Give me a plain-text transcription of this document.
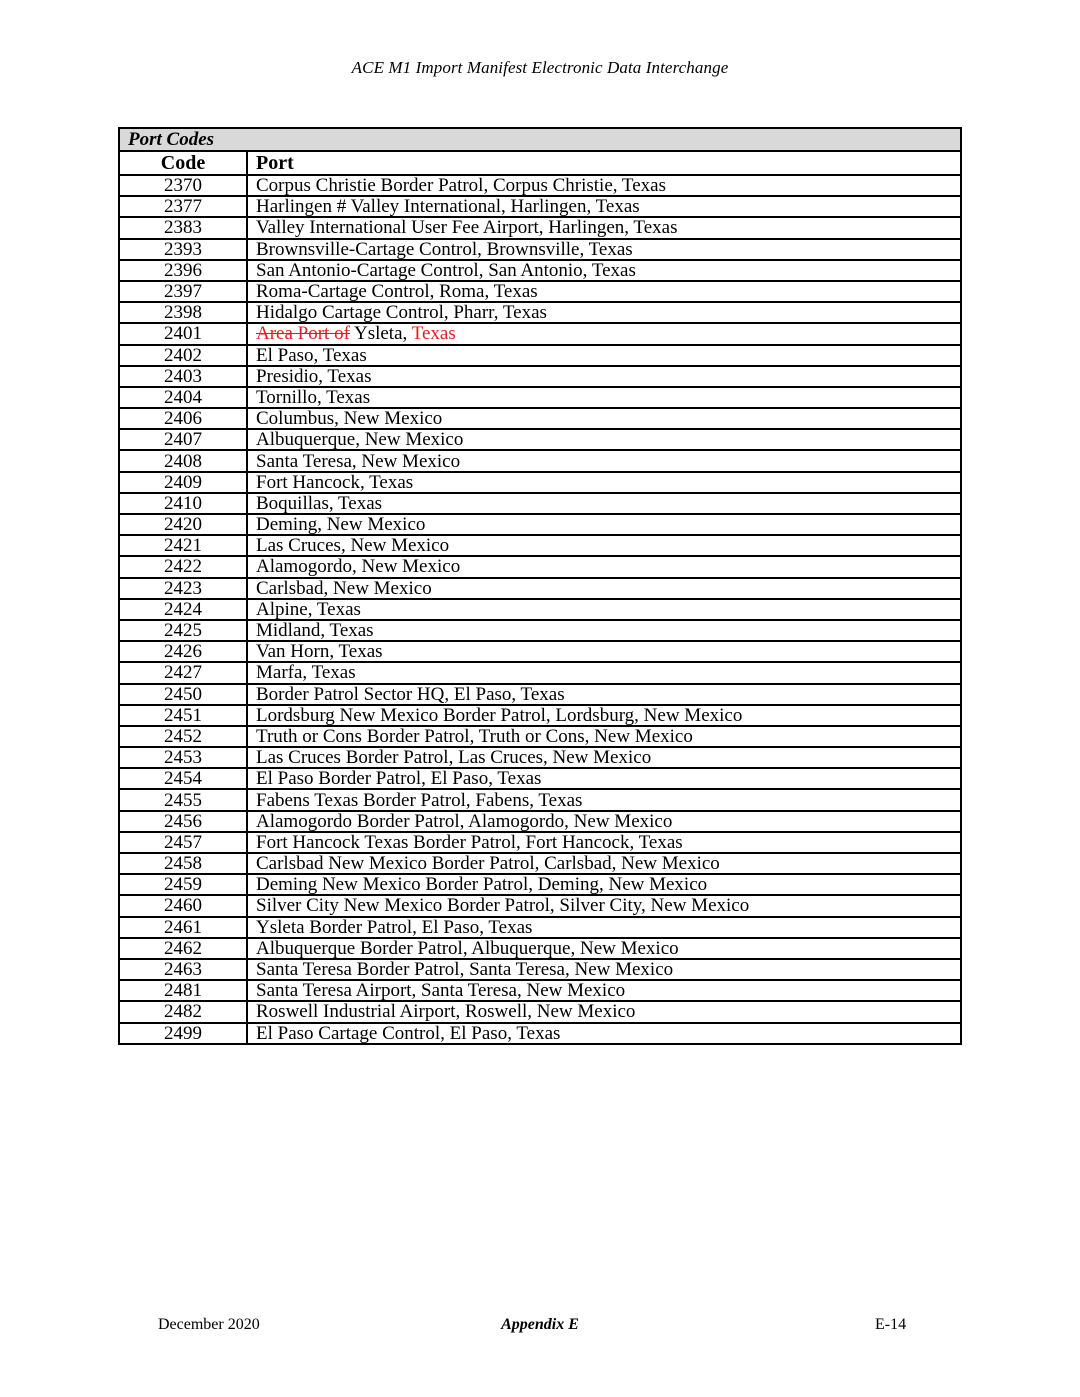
ACE M1 Import Manifest Electronic Data Interchange
Port Codes	
Code	Port
2370	Corpus Christie Border Patrol, Corpus Christie, Texas
2377	Harlingen # Valley International, Harlingen, Texas
2383	Valley International User Fee Airport, Harlingen, Texas
2393	Brownsville-Cartage Control, Brownsville, Texas
2396	San Antonio-Cartage Control, San Antonio, Texas
2397	Roma-Cartage Control, Roma, Texas
2398	Hidalgo Cartage Control, Pharr, Texas
2401	Area Port of Ysleta, Texas
2402	El Paso, Texas
2403	Presidio, Texas
2404	Tornillo, Texas
2406	Columbus, New Mexico
2407	Albuquerque, New Mexico
2408	Santa Teresa, New Mexico
2409	Fort Hancock, Texas
2410	Boquillas, Texas
2420	Deming, New Mexico
2421	Las Cruces, New Mexico
2422	Alamogordo, New Mexico
2423	Carlsbad, New Mexico
2424	Alpine, Texas
2425	Midland, Texas
2426	Van Horn, Texas
2427	Marfa, Texas
2450	Border Patrol Sector HQ, El Paso, Texas
2451	Lordsburg New Mexico Border Patrol, Lordsburg, New Mexico
2452	Truth or Cons Border Patrol, Truth or Cons, New Mexico
2453	Las Cruces Border Patrol, Las Cruces, New Mexico
2454	El Paso Border Patrol, El Paso, Texas
2455	Fabens Texas Border Patrol, Fabens, Texas
2456	Alamogordo Border Patrol, Alamogordo, New Mexico
2457	Fort Hancock Texas Border Patrol, Fort Hancock, Texas
2458	Carlsbad New Mexico Border Patrol, Carlsbad, New Mexico
2459	Deming New Mexico Border Patrol, Deming, New Mexico
2460	Silver City New Mexico Border Patrol, Silver City, New Mexico
2461	Ysleta Border Patrol, El Paso, Texas
2462	Albuquerque Border Patrol, Albuquerque, New Mexico
2463	Santa Teresa Border Patrol, Santa Teresa, New Mexico
2481	Santa Teresa Airport, Santa Teresa, New Mexico
2482	Roswell Industrial Airport, Roswell, New Mexico
2499	El Paso Cartage Control, El Paso, Texas
December 2020	Appendix E	E-14
大数跨境
